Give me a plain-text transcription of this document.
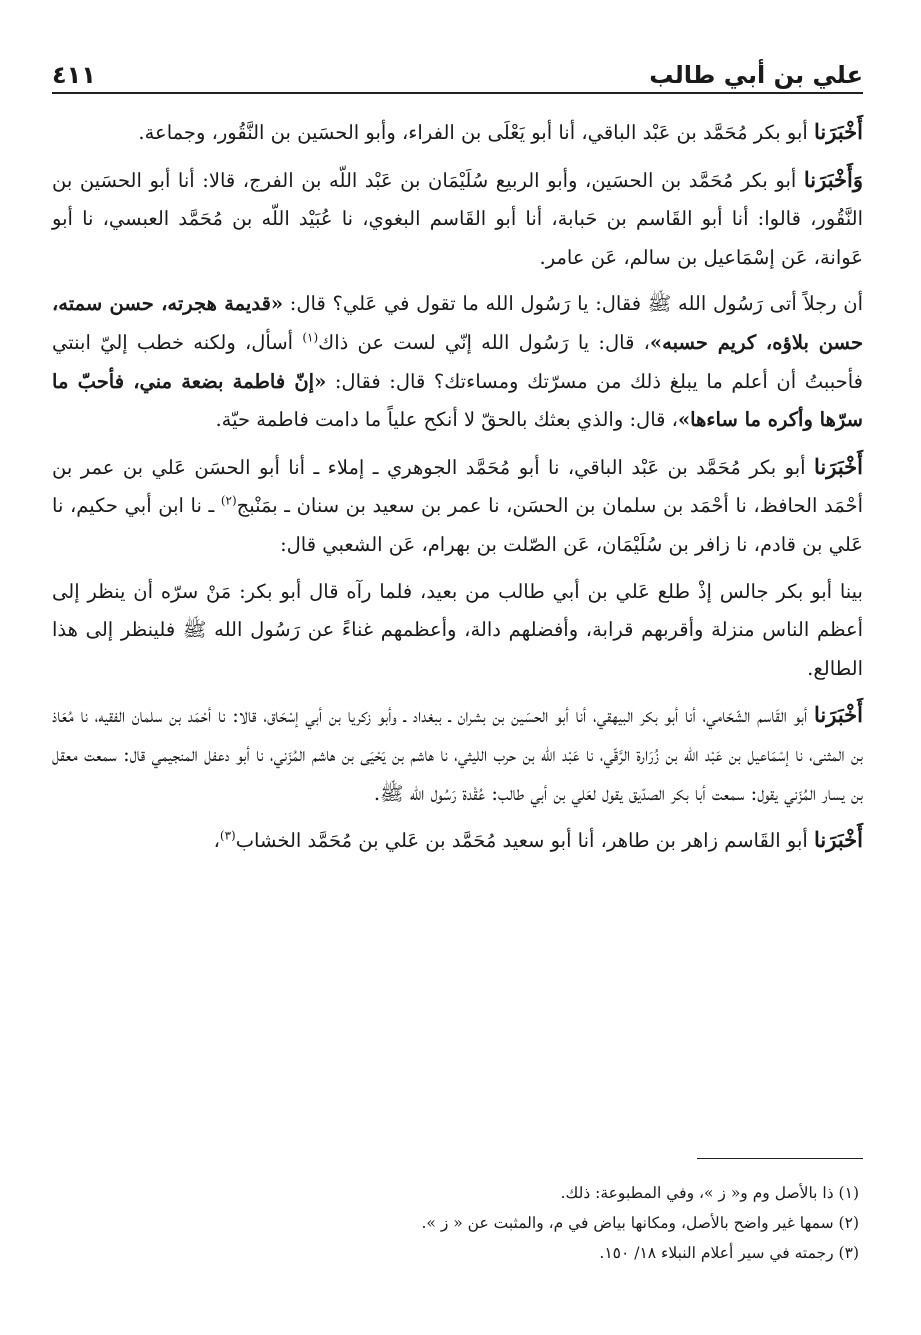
علي بن أبي طالب
٤١١

أَخْبَرَنا أبو بكر مُحَمَّد بن عَبْد الباقي، أنا أبو يَعْلَى بن الفراء، وأبو الحسَين بن النَّقُور، وجماعة.

وَأَخْبَرَنا أبو بكر مُحَمَّد بن الحسَين، وأبو الربيع سُلَيْمَان بن عَبْد اللّه بن الفرج، قالا: أنا أبو الحسَين بن النَّقُور، قالوا: أنا أبو القَاسم بن حَبابة، أنا أبو القَاسم البغوي، نا عُبَيْد اللّه بن مُحَمَّد العبسي، نا أبو عَوانة، عَن إسْمَاعيل بن سالم، عَن عامر.

أن رجلاً أتى رَسُول الله ﷺ فقال: يا رَسُول الله ما تقول في عَلي؟ قال: «قديمة هجرته، حسن سمته، حسن بلاؤه، كريم حسبه»، قال: يا رَسُول الله إنّي لست عن ذاك$^{(١)}$ أسأل، ولكنه خطب إليّ ابنتي فأحببتُ أن أعلم ما يبلغ ذلك من مسرّتك ومساءتك؟ قال: فقال: «إنّ فاطمة بضعة مني، فأحبّ ما سرّها وأكره ما ساءها»، قال: والذي بعثك بالحقّ لا أنكح علياً ما دامت فاطمة حيّة.

أَخْبَرَنا أبو بكر مُحَمَّد بن عَبْد الباقي، نا أبو مُحَمَّد الجوهري ـ إملاء ـ أنا أبو الحسَن عَلي بن عمر بن أحْمَد الحافظ، نا أحْمَد بن سلمان بن الحسَن، نا عمر بن سعيد بن سنان ـ بمَنْبج$^{(٢)}$ ـ نا ابن أبي حكيم، نا عَلي بن قادم، نا زافر بن سُلَيْمَان، عَن الصّلت بن بهرام، عَن الشعبي قال:

بينا أبو بكر جالس إذْ طلع عَلي بن أبي طالب من بعيد، فلما رآه قال أبو بكر: مَنْ سرّه أن ينظر إلى أعظم الناس منزلة وأقربهم قرابة، وأفضلهم دالة، وأعظمهم غناءً عن رَسُول الله ﷺ فلينظر إلى هذا الطالع.

أَخْبَرَنا أبو القَاسم الشّحّامي، أنا أبو بكر البيهقي، أنا أبو الحسَين بن بشران ـ ببغداد ـ وأبو زكريا بن أبي إسْحَاق، قالا: نا أحْمَد بن سلمان الفقيه، نا مُعَاذ بن المثنى، نا إسْمَاعيل بن عَبْد اللّه بن زُرَارة الرَّقّي، نا عَبْد اللّه بن حرب الليثي، نا هاشم بن يَحْيَى بن هاشم المُزَني، نا أبو دعفل المنجيمي قال: سمعت معقل بن يسار المُزَني يقول: سمعت أبا بكر الصدّيق يقول لعَلي بن أبي طالب: عُقْدة رَسُول الله ﷺ.

أَخْبَرَنا أبو القَاسم زاهر بن طاهر، أنا أبو سعيد مُحَمَّد بن عَلي بن مُحَمَّد الخشاب$^{(٣)}$،

(١) ذا بالأصل وم و« ز »، وفي المطبوعة: ذلك.

(٢) سمها غير واضح بالأصل، ومكانها بياض في م، والمثبت عن « ز ».

(٣) رجمته في سير أعلام النبلاء ١٨/ ١٥٠.
